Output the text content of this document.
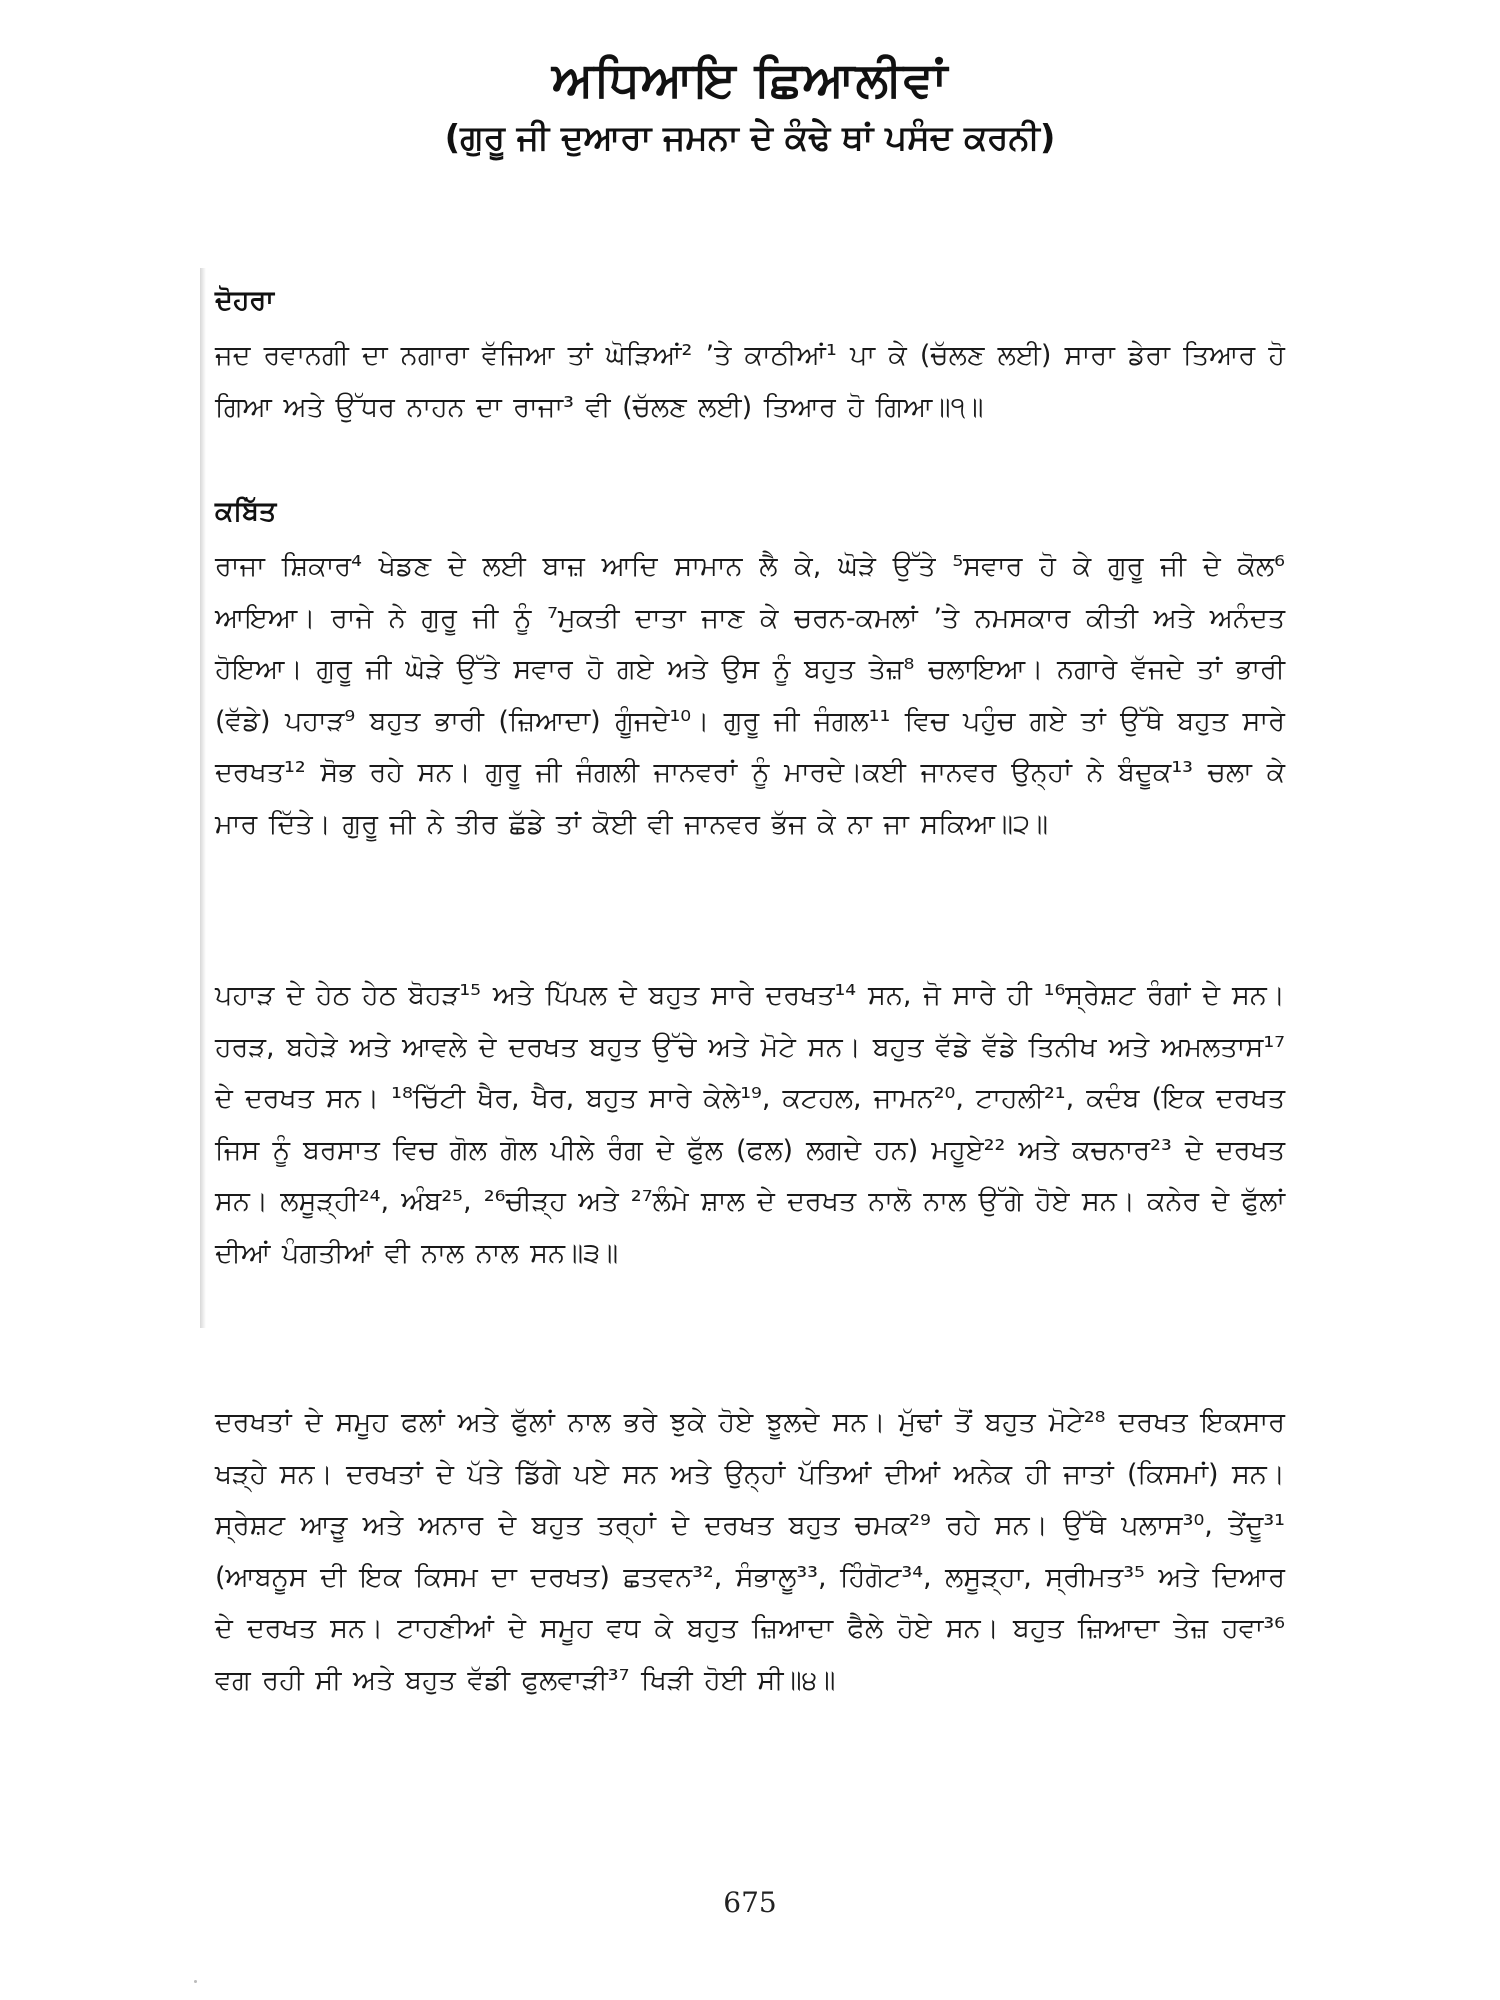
ਅਧਿਆਇ ਛਿਆਲੀਵਾਂ
(ਗੁਰੂ ਜੀ ਦੁਆਰਾ ਜਮਨਾ ਦੇ ਕੰਢੇ ਥਾਂ ਪਸੰਦ ਕਰਨੀ)
ਦੋਹਰਾ

ਜਦ ਰਵਾਨਗੀ ਦਾ ਨਗਾਰਾ ਵੱਜਿਆ ਤਾਂ ਘੋੜਿਆਂ² ’ਤੇ ਕਾਠੀਆਂ¹ ਪਾ ਕੇ (ਚੱਲਣ ਲਈ) ਸਾਰਾ ਡੇਰਾ ਤਿਆਰ ਹੋ ਗਿਆ ਅਤੇ ਉੱਧਰ ਨਾਹਨ ਦਾ ਰਾਜਾ³ ਵੀ (ਚੱਲਣ ਲਈ) ਤਿਆਰ ਹੋ ਗਿਆ॥੧॥

ਕਬਿੱਤ

ਰਾਜਾ ਸ਼ਿਕਾਰ⁴ ਖੇਡਣ ਦੇ ਲਈ ਬਾਜ਼ ਆਦਿ ਸਾਮਾਨ ਲੈ ਕੇ, ਘੋੜੇ ਉੱਤੇ ⁵ਸਵਾਰ ਹੋ ਕੇ ਗੁਰੂ ਜੀ ਦੇ ਕੋਲ⁶ ਆਇਆ। ਰਾਜੇ ਨੇ ਗੁਰੂ ਜੀ ਨੂੰ ⁷ਮੁਕਤੀ ਦਾਤਾ ਜਾਣ ਕੇ ਚਰਨ-ਕਮਲਾਂ ’ਤੇ ਨਮਸਕਾਰ ਕੀਤੀ ਅਤੇ ਅਨੰਦਤ ਹੋਇਆ। ਗੁਰੂ ਜੀ ਘੋੜੇ ਉੱਤੇ ਸਵਾਰ ਹੋ ਗਏ ਅਤੇ ਉਸ ਨੂੰ ਬਹੁਤ ਤੇਜ਼⁸ ਚਲਾਇਆ। ਨਗਾਰੇ ਵੱਜਦੇ ਤਾਂ ਭਾਰੀ (ਵੱਡੇ) ਪਹਾੜ⁹ ਬਹੁਤ ਭਾਰੀ (ਜ਼ਿਆਦਾ) ਗੂੰਜਦੇ¹⁰। ਗੁਰੂ ਜੀ ਜੰਗਲ¹¹ ਵਿਚ ਪਹੁੰਚ ਗਏ ਤਾਂ ਉੱਥੇ ਬਹੁਤ ਸਾਰੇ ਦਰਖਤ¹² ਸੋਭ ਰਹੇ ਸਨ। ਗੁਰੂ ਜੀ ਜੰਗਲੀ ਜਾਨਵਰਾਂ ਨੂੰ ਮਾਰਦੇ।ਕਈ ਜਾਨਵਰ ਉਨ੍ਹਾਂ ਨੇ ਬੰਦੂਕ¹³ ਚਲਾ ਕੇ ਮਾਰ ਦਿੱਤੇ। ਗੁਰੂ ਜੀ ਨੇ ਤੀਰ ਛੱਡੇ ਤਾਂ ਕੋਈ ਵੀ ਜਾਨਵਰ ਭੱਜ ਕੇ ਨਾ ਜਾ ਸਕਿਆ॥੨॥

ਪਹਾੜ ਦੇ ਹੇਠ ਹੇਠ ਬੋਹੜ¹⁵ ਅਤੇ ਪਿੱਪਲ ਦੇ ਬਹੁਤ ਸਾਰੇ ਦਰਖਤ¹⁴ ਸਨ, ਜੋ ਸਾਰੇ ਹੀ ¹⁶ਸ੍ਰੇਸ਼ਟ ਰੰਗਾਂ ਦੇ ਸਨ। ਹਰੜ, ਬਹੇੜੇ ਅਤੇ ਆਵਲੇ ਦੇ ਦਰਖਤ ਬਹੁਤ ਉੱਚੇ ਅਤੇ ਮੋਟੇ ਸਨ। ਬਹੁਤ ਵੱਡੇ ਵੱਡੇ ਤਿਨੀਖ ਅਤੇ ਅਮਲਤਾਸ¹⁷ ਦੇ ਦਰਖਤ ਸਨ। ¹⁸ਚਿੱਟੀ ਖੈਰ, ਖੈਰ, ਬਹੁਤ ਸਾਰੇ ਕੇਲੇ¹⁹, ਕਟਹਲ, ਜਾਮਨ²⁰, ਟਾਹਲੀ²¹, ਕਦੰਬ (ਇਕ ਦਰਖਤ ਜਿਸ ਨੂੰ ਬਰਸਾਤ ਵਿਚ ਗੋਲ ਗੋਲ ਪੀਲੇ ਰੰਗ ਦੇ ਫੁੱਲ (ਫਲ) ਲਗਦੇ ਹਨ) ਮਹੂਏ²² ਅਤੇ ਕਚਨਾਰ²³ ਦੇ ਦਰਖਤ ਸਨ। ਲਸੂੜ੍ਹੀ²⁴, ਅੰਬ²⁵, ²⁶ਚੀੜ੍ਹ ਅਤੇ ²⁷ਲੰਮੇ ਸ਼ਾਲ ਦੇ ਦਰਖਤ ਨਾਲੋ ਨਾਲ ਉੱਗੇ ਹੋਏ ਸਨ। ਕਨੇਰ ਦੇ ਫੁੱਲਾਂ ਦੀਆਂ ਪੰਗਤੀਆਂ ਵੀ ਨਾਲ ਨਾਲ ਸਨ॥੩॥

ਦਰਖਤਾਂ ਦੇ ਸਮੂਹ ਫਲਾਂ ਅਤੇ ਫੁੱਲਾਂ ਨਾਲ ਭਰੇ ਝੁਕੇ ਹੋਏ ਝੂਲਦੇ ਸਨ। ਮੁੱਢਾਂ ਤੋਂ ਬਹੁਤ ਮੋਟੇ²⁸ ਦਰਖਤ ਇਕਸਾਰ ਖੜ੍ਹੇ ਸਨ। ਦਰਖਤਾਂ ਦੇ ਪੱਤੇ ਡਿੱਗੇ ਪਏ ਸਨ ਅਤੇ ਉਨ੍ਹਾਂ ਪੱਤਿਆਂ ਦੀਆਂ ਅਨੇਕ ਹੀ ਜਾਤਾਂ (ਕਿਸਮਾਂ) ਸਨ। ਸ੍ਰੇਸ਼ਟ ਆੜੂ ਅਤੇ ਅਨਾਰ ਦੇ ਬਹੁਤ ਤਰ੍ਹਾਂ ਦੇ ਦਰਖਤ ਬਹੁਤ ਚਮਕ²⁹ ਰਹੇ ਸਨ। ਉੱਥੇ ਪਲਾਸ³⁰, ਤੇਂਦੂ³¹ (ਆਬਨੂਸ ਦੀ ਇਕ ਕਿਸਮ ਦਾ ਦਰਖਤ) ਛਤਵਨ³², ਸੰਭਾਲੂ³³, ਹਿੰਗੋਟ³⁴, ਲਸੂੜ੍ਹਾ, ਸ੍ਰੀਮਤ³⁵ ਅਤੇ ਦਿਆਰ ਦੇ ਦਰਖਤ ਸਨ। ਟਾਹਣੀਆਂ ਦੇ ਸਮੂਹ ਵਧ ਕੇ ਬਹੁਤ ਜ਼ਿਆਦਾ ਫੈਲੇ ਹੋਏ ਸਨ। ਬਹੁਤ ਜ਼ਿਆਦਾ ਤੇਜ਼ ਹਵਾ³⁶ ਵਗ ਰਹੀ ਸੀ ਅਤੇ ਬਹੁਤ ਵੱਡੀ ਫੁਲਵਾੜੀ³⁷ ਖਿੜੀ ਹੋਈ ਸੀ॥੪॥

675
